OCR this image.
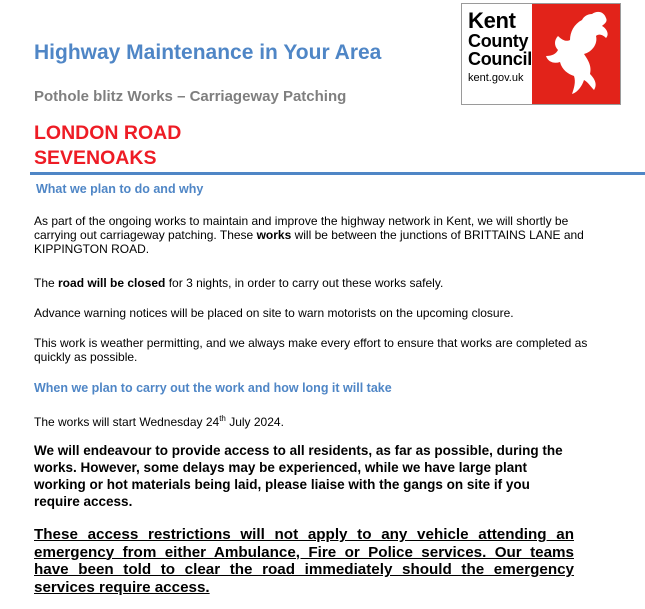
Kent
County
Council
kent.gov.uk
Highway Maintenance in Your Area

Pothole blitz Works – Carriageway Patching

LONDON ROAD
SEVENOAKS
What we plan to do and why

As part of the ongoing works to maintain and improve the highway network in Kent, we will shortly be carrying out carriageway patching. These works will be between the junctions of BRITTAINS LANE and KIPPINGTON ROAD.

The road will be closed for 3 nights, in order to carry out these works safely.

Advance warning notices will be placed on site to warn motorists on the upcoming closure.

This work is weather permitting, and we always make every effort to ensure that works are completed as quickly as possible.

When we plan to carry out the work and how long it will take

The works will start Wednesday 24th July 2024.

We will endeavour to provide access to all residents, as far as possible, during the works. However, some delays may be experienced, while we have large plant working or hot materials being laid, please liaise with the gangs on site if you require access.

These access restrictions will not apply to any vehicle attending an emergency from either Ambulance, Fire or Police services. Our teams have been told to clear the road immediately should the emergency services require access.
